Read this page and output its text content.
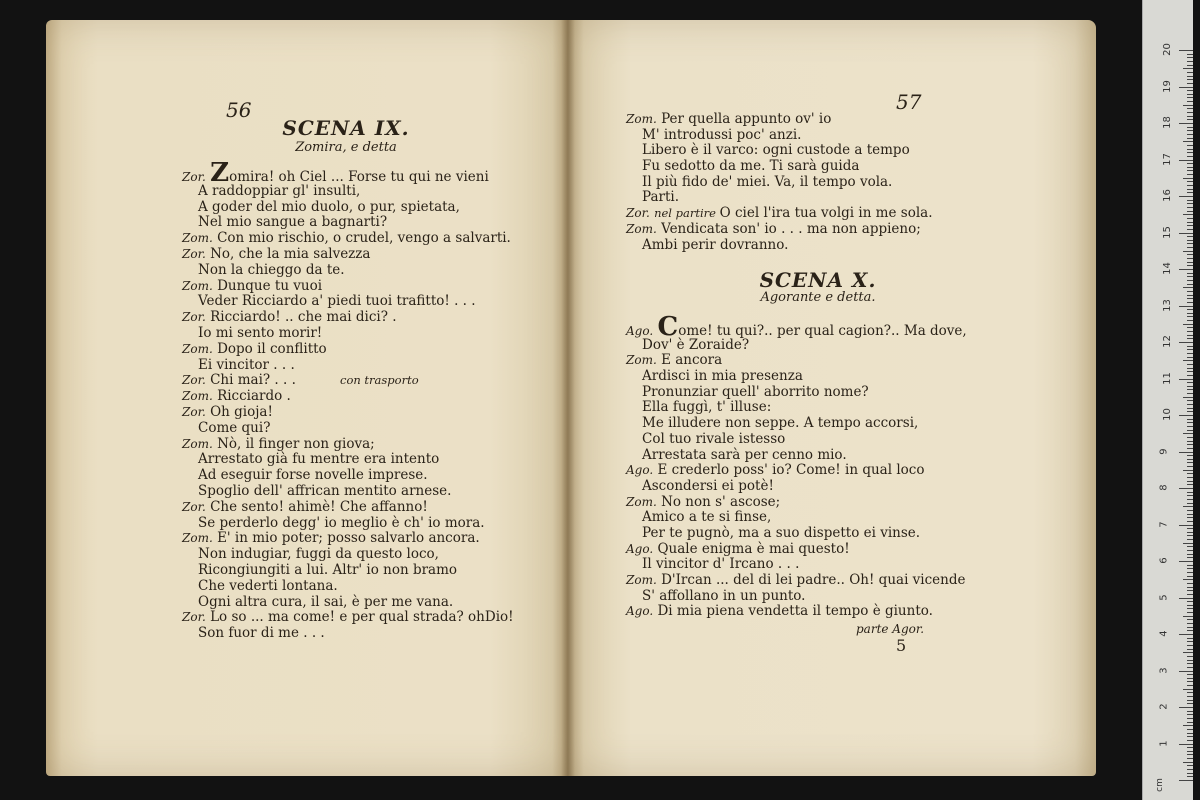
56
SCENA IX.
Zomira, e detta
Zor. Zomira! oh Ciel ... Forse tu qui ne vieni
A raddoppiar gl' insulti,
A goder del mio duolo, o pur, spietata,
Nel mio sangue a bagnarti?
Zom. Con mio rischio, o crudel, vengo a salvarti.
Zor. No, che la mia salvezza
Non la chieggo da te.
Zom. Dunque tu vuoi
Veder Ricciardo a' piedi tuoi trafitto! . . .
Zor. Ricciardo! .. che mai dici? .
Io mi sento morir!
Zom. Dopo il conflitto
Ei vincitor . . .
Zor. Chi mai? . . .	con trasporto
Zom. Ricciardo .
Zor. Oh gioja!
Come qui?
Zom. Nò, il finger non giova;
Arrestato già fu mentre era intento
Ad eseguir forse novelle imprese.
Spoglio dell' affrican mentito arnese.
Zor. Che sento! ahimè! Che affanno!
Se perderlo degg' io meglio è ch' io mora.
Zom. E' in mio poter; posso salvarlo ancora.
Non indugiar, fuggi da questo loco,
Ricongiungiti a lui. Altr' io non bramo
Che vederti lontana.
Ogni altra cura, il sai, è per me vana.
Zor. Lo so ... ma come! e per qual strada? ohDio!
Son fuor di me . . .
57
Zom. Per quella appunto ov' io
M' introdussi poc' anzi.
Libero è il varco: ogni custode a tempo
Fu sedotto da me. Ti sarà guida
Il più fido de' miei. Va, il tempo vola.
Parti.
Zor. nel partire O ciel l'ira tua volgi in me sola.
Zom. Vendicata son' io . . . ma non appieno;
Ambi perir dovranno.
SCENA X.
Agorante e detta.
Ago. Come! tu qui?.. per qual cagion?.. Ma dove,
Dov' è Zoraide?
Zom. E ancora
Ardisci in mia presenza
Pronunziar quell' aborrito nome?
Ella fuggì, t' illuse:
Me illudere non seppe. A tempo accorsi,
Col tuo rivale istesso
Arrestata sarà per cenno mio.
Ago. E crederlo poss' io? Come! in qual loco
Ascondersi ei potè!
Zom. No non s' ascose;
Amico a te si finse,
Per te pugnò, ma a suo dispetto ei vinse.
Ago. Quale enigma è mai questo!
Il vincitor d' Ircano . . .
Zom. D'Ircan ... del di lei padre.. Oh! quai vicende
S' affollano in un punto.
Ago. Di mia piena vendetta il tempo è giunto.
parte Agor.
5
1
2
3
4
5
6
7
8
9
10
11
12
13
14
15
16
17
18
19
20
cm
